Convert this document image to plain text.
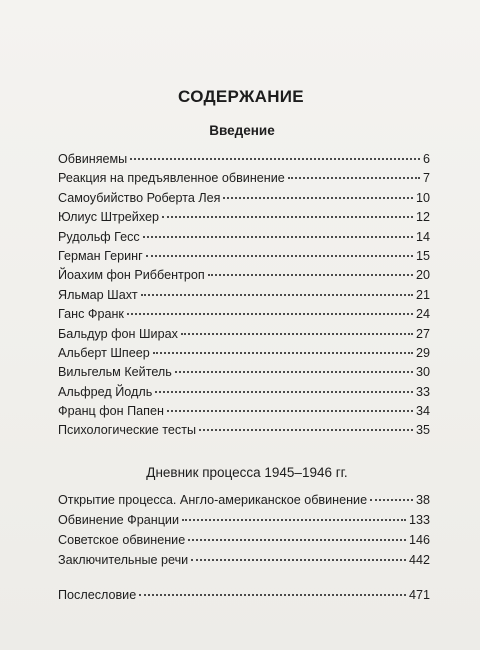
СОДЕРЖАНИЕ
Введение
Обвиняемы	6
Реакция на предъявленное обвинение	7
Самоубийство Роберта Лея	10
Юлиус Штрейхер	12
Рудольф Гесс	14
Герман Геринг	15
Йоахим фон Риббентроп	20
Яльмар Шахт	21
Ганс Франк	24
Бальдур фон Ширах	27
Альберт Шпеер	29
Вильгельм Кейтель	30
Альфред Йодль	33
Франц фон Папен	34
Психологические тесты	35
Дневник процесса 1945–1946 гг.
Открытие процесса. Англо-американское обвинение	38
Обвинение Франции	133
Советское обвинение	146
Заключительные речи	442
Послесловие	471
